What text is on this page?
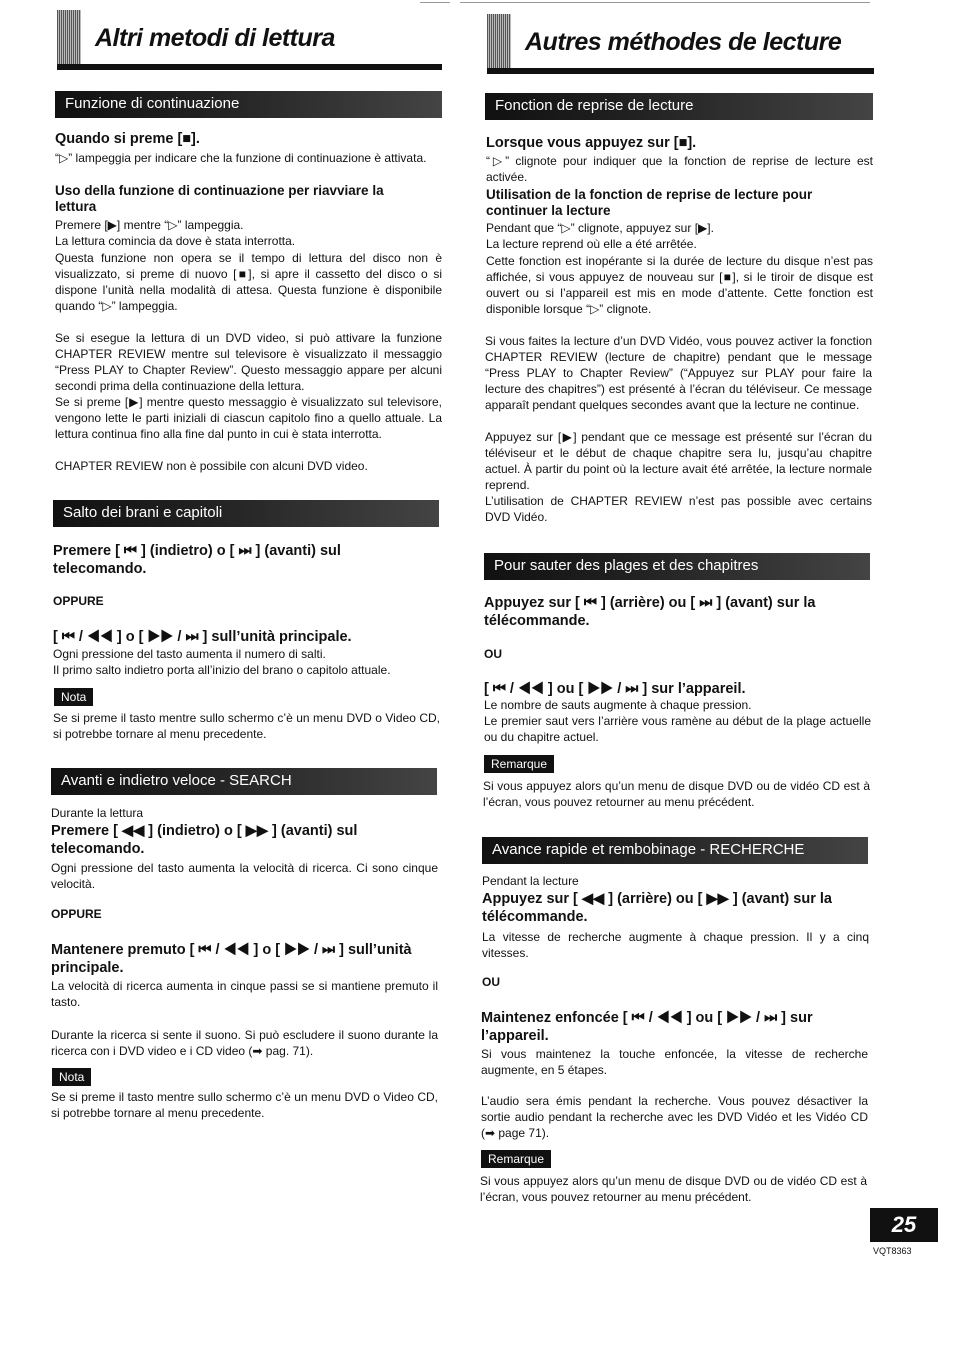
Altri metodi di lettura
Funzione di continuazione
Quando si preme [■].
“▷” lampeggia per indicare che la funzione di continuazione è attivata.
Uso della funzione di continuazione per riavviare la lettura
Premere [▶] mentre “▷” lampeggia.
La lettura comincia da dove è stata interrotta.
Questa funzione non opera se il tempo di lettura del disco non è visualizzato, si preme di nuovo [■], si apre il cassetto del disco o si dispone l’unità nella modalità di attesa. Questa funzione è disponibile quando “▷” lampeggia.
Se si esegue la lettura di un DVD video, si può attivare la funzione CHAPTER REVIEW mentre sul televisore è visualizzato il messaggio “Press PLAY to Chapter Review”. Questo messaggio appare per alcuni secondi prima della continuazione della lettura.
Se si preme [▶] mentre questo messaggio è visualizzato sul televisore, vengono lette le parti iniziali di ciascun capitolo fino a quello attuale. La lettura continua fino alla fine dal punto in cui è stata interrotta.
CHAPTER REVIEW non è possibile con alcuni DVD video.
Salto dei brani e capitoli
Premere [ ⏮ ] (indietro) o [ ⏭ ] (avanti) sul telecomando.
OPPURE
[ ⏮ / ◀◀ ] o [ ▶▶ / ⏭ ] sull’unità principale.
Ogni pressione del tasto aumenta il numero di salti.
Il primo salto indietro porta all’inizio del brano o capitolo attuale.
Nota
Se si preme il tasto mentre sullo schermo c’è un menu DVD o Video CD, si potrebbe tornare al menu precedente.
Avanti e indietro veloce - SEARCH
Durante la lettura
Premere [ ◀◀ ] (indietro) o [ ▶▶ ] (avanti) sul telecomando.
Ogni pressione del tasto aumenta la velocità di ricerca. Ci sono cinque velocità.
OPPURE
Mantenere premuto [ ⏮ / ◀◀ ] o [ ▶▶ / ⏭ ] sull’unità principale.
La velocità di ricerca aumenta in cinque passi se si mantiene premuto il tasto.
Durante la ricerca si sente il suono. Si può escludere il suono durante la ricerca con i DVD video e i CD video (➡ pag. 71).
Nota
Se si preme il tasto mentre sullo schermo c’è un menu DVD o Video CD, si potrebbe tornare al menu precedente.
Autres méthodes de lecture
Fonction de reprise de lecture
Lorsque vous appuyez sur [■].
“▷” clignote pour indiquer que la fonction de reprise de lecture est activée.
Utilisation de la fonction de reprise de lecture pour continuer la lecture
Pendant que “▷” clignote, appuyez sur [▶].
La lecture reprend où elle a été arrêtée.
Cette fonction est inopérante si la durée de lecture du disque n’est pas affichée, si vous appuyez de nouveau sur [■], si le tiroir de disque est ouvert ou si l’appareil est mis en mode d’attente. Cette fonction est disponible lorsque “▷” clignote.
Si vous faites la lecture d’un DVD Vidéo, vous pouvez activer la fonction CHAPTER REVIEW (lecture de chapitre) pendant que le message “Press PLAY to Chapter Review” (“Appuyez sur PLAY pour faire la lecture des chapitres”) est présenté à l’écran du téléviseur. Ce message apparaît pendant quelques secondes avant que la lecture ne continue.
Appuyez sur [▶] pendant que ce message est présenté sur l’écran du téléviseur et le début de chaque chapitre sera lu, jusqu’au chapitre actuel. À partir du point où la lecture avait été arrêtée, la lecture normale reprend.
L’utilisation de CHAPTER REVIEW n’est pas possible avec certains DVD Vidéo.
Pour sauter des plages et des chapitres
Appuyez sur [ ⏮ ] (arrière) ou [ ⏭ ] (avant) sur la télécommande.
OU
[ ⏮ / ◀◀ ] ou [ ▶▶ / ⏭ ] sur l’appareil.
Le nombre de sauts augmente à chaque pression.
Le premier saut vers l’arrière vous ramène au début de la plage actuelle ou du chapitre actuel.
Remarque
Si vous appuyez alors qu’un menu de disque DVD ou de vidéo CD est à l’écran, vous pouvez retourner au menu précédent.
Avance rapide et rembobinage - RECHERCHE
Pendant la lecture
Appuyez sur [ ◀◀ ] (arrière) ou [ ▶▶ ] (avant) sur la télécommande.
La vitesse de recherche augmente à chaque pression. Il y a cinq vitesses.
OU
Maintenez enfoncée [ ⏮ / ◀◀ ] ou [ ▶▶ / ⏭ ] sur l’appareil.
Si vous maintenez la touche enfoncée, la vitesse de recherche augmente, en 5 étapes.
L’audio sera émis pendant la recherche. Vous pouvez désactiver la sortie audio pendant la recherche avec les DVD Vidéo et les Vidéo CD (➡ page 71).
Remarque
Si vous appuyez alors qu’un menu de disque DVD ou de vidéo CD est à l’écran, vous pouvez retourner au menu précédent.
25
VQT8363
